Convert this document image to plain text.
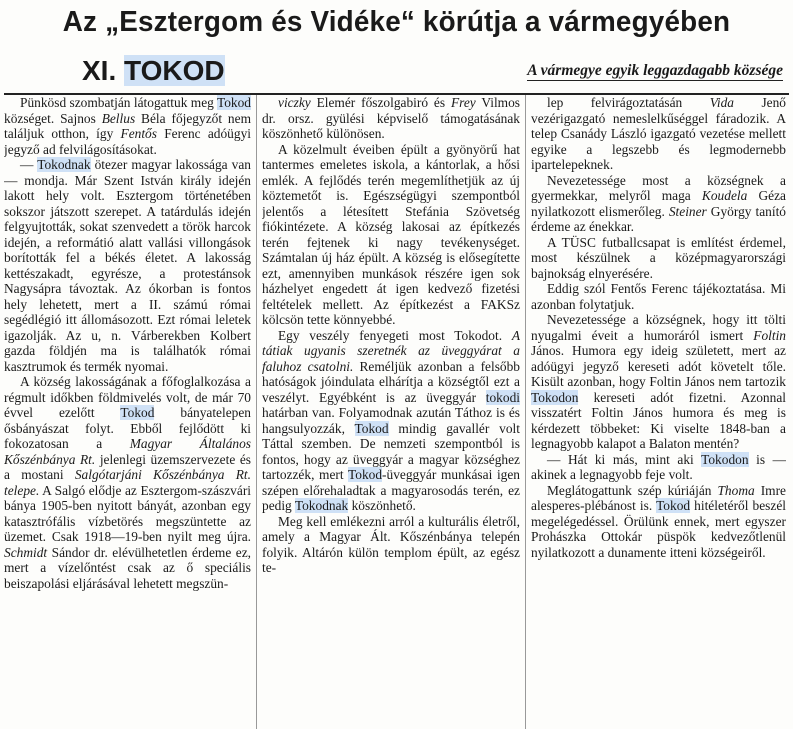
Az „Esztergom és Vidéke“ körútja a vármegyében
XI. TOKOD	A vármegye egyik leggazdagabb községe

Pünkösd szombatján látogattuk meg Tokod községet. Sajnos Bellus Béla főjegyzőt nem találjuk otthon, így Fentős Ferenc adóügyi jegyző ad felvilágosításokat.

— Tokodnak ötezer magyar lakossága van — mondja. Már Szent István király idején lakott hely volt. Esztergom történetében sokszor játszott szerepet. A tatárdulás idején felgyujtották, sokat szenvedett a török harcok idején, a reformátió alatt vallási villongások borították fel a békés életet. A lakosság kettészakadt, egyrésze, a protestánsok Nagysápra távoztak. Az ókorban is fontos hely lehetett, mert a II. számú római segédlégió itt állomásozott. Ezt római leletek igazolják. Az u, n. Várberekben Kolbert gazda földjén ma is találhatók római kasztrumok és termék nyomai.

A község lakosságának a főfoglalkozása a régmult időkben földmivelés volt, de már 70 évvel ezelőtt Tokod bányatelepen ősbányászat folyt. Ebből fejlődött ki fokozatosan a Magyar Általános Kőszénbánya Rt. jelenlegi üzemszervezete és a mostani Salgótarjáni Kőszénbánya Rt. telepe. A Salgó elődje az Esztergom-szászvári bánya 1905-ben nyitott bányát, azonban egy katasztrófális vízbetörés megszüntette az üzemet. Csak 1918—19-ben nyilt meg újra. Schmidt Sándor dr. elévülhetetlen érdeme ez, mert a vízelőntést csak az ő speciális beiszapolási eljárásával lehetett megszün-

viczky Elemér főszolgabiró és Frey Vilmos dr. orsz. gyülési képviselő támogatásának köszönhető különösen.

A közelmult éveiben épült a gyönyörű hat tantermes emeletes iskola, a kántorlak, a hősi emlék. A fejlődés terén megemlíthetjük az új köztemetőt is. Egészségügyi szempontból jelentős a létesített Stefánia Szövetség fiókintézete. A község lakosai az építkezés terén fejtenek ki nagy tevékenységet. Számtalan új ház épült. A község is elősegítette ezt, amennyiben munkások részére igen sok házhelyet engedett át igen kedvező fizetési feltételek mellett. Az építkezést a FAKSz kölcsön tette könnyebbé.

Egy veszély fenyegeti most Tokodot. A tátiak ugyanis szeretnék az üveggyárat a faluhoz csatolni. Reméljük azonban a felsőbb hatóságok jóindulata elhárítja a községtől ezt a veszélyt. Egyébként is az üveggyár tokodi határban van. Folyamodnak azután Táthoz is és hangsulyozzák, Tokod mindig gavallér volt Táttal szemben. De nemzeti szempontból is fontos, hogy az üveggyár a magyar községhez tartozzék, mert Tokod-üveggyár munkásai igen szépen előrehaladtak a magyarosodás terén, ez pedig Tokodnak köszönhető.

Meg kell emlékezni arról a kulturális életről, amely a Magyar Ált. Kőszénbánya telepén folyik. Altárón külön templom épült, az egész te-

lep felvirágoztatásán Vida Jenő vezérigazgató nemeslelkűséggel fáradozik. A telep Csanády László igazgató vezetése mellett egyike a legszebb és legmodernebb ipartelepeknek.

Nevezetessége most a községnek a gyermekkar, melyről maga Koudela Géza nyilatkozott elismerőleg. Steiner György tanító érdeme az énekkar.

A TÜSC futballcsapat is említést érdemel, most készülnek a középmagyarországi bajnokság elnyerésére.

Eddig szól Fentős Ferenc tájékoztatása. Mi azonban folytatjuk.

Nevezetessége a községnek, hogy itt tölti nyugalmi éveit a humoráról ismert Foltin János. Humora egy ideig született, mert az adóügyi jegyző kereseti adót követelt tőle. Kisült azonban, hogy Foltin János nem tartozik Tokodon kereseti adót fizetni. Azonnal visszatért Foltin János humora és meg is kérdezett többeket: Ki viselte 1848-ban a legnagyobb kalapot a Balaton mentén?

— Hát ki más, mint aki Tokodon is — akinek a legnagyobb feje volt.

Meglátogattunk szép kúriáján Thoma Imre alesperes-plébánost is. Tokod hitéletéről beszél megelégedéssel. Örülünk ennek, mert egyszer Prohászka Ottokár püspök kedvezőtlenül nyilatkozott a dunamente itteni községeiről.
